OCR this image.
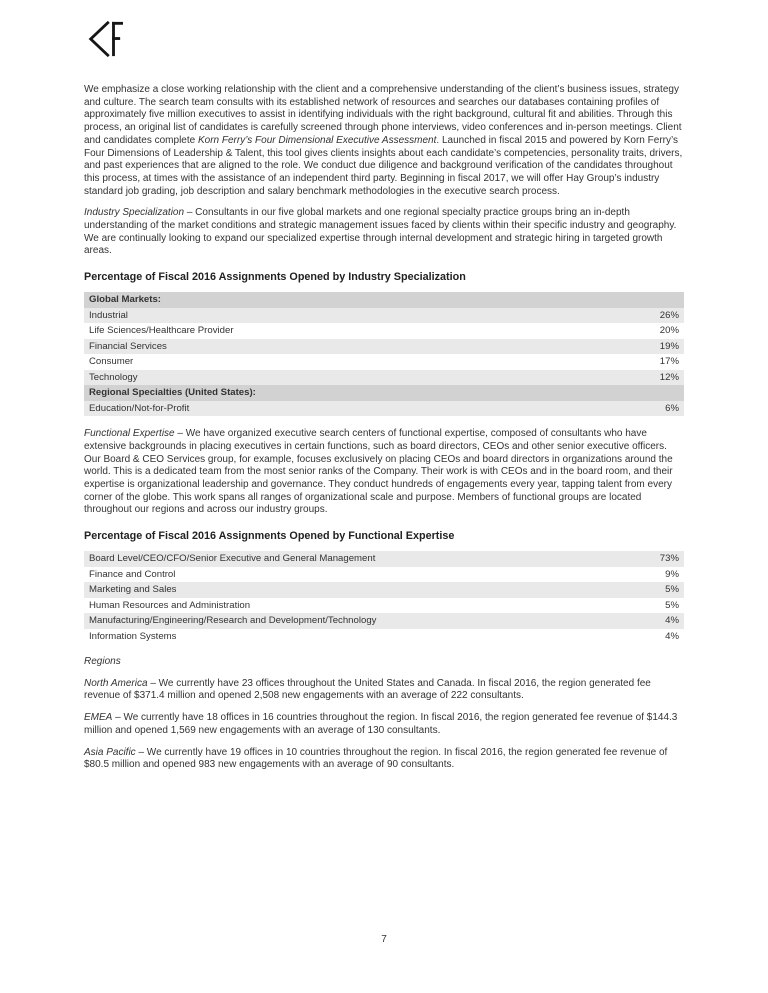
We emphasize a close working relationship with the client and a comprehensive understanding of the client’s business issues, strategy and culture. The search team consults with its established network of resources and searches our databases containing profiles of approximately five million executives to assist in identifying individuals with the right background, cultural fit and abilities. Through this process, an original list of candidates is carefully screened through phone interviews, video conferences and in-person meetings. Client and candidates complete Korn Ferry’s Four Dimensional Executive Assessment. Launched in fiscal 2015 and powered by Korn Ferry’s Four Dimensions of Leadership & Talent, this tool gives clients insights about each candidate’s competencies, personality traits, drivers, and past experiences that are aligned to the role. We conduct due diligence and background verification of the candidates throughout this process, at times with the assistance of an independent third party. Beginning in fiscal 2017, we will offer Hay Group’s industry standard job grading, job description and salary benchmark methodologies in the executive search process.

Industry Specialization – Consultants in our five global markets and one regional specialty practice groups bring an in-depth understanding of the market conditions and strategic management issues faced by clients within their specific industry and geography. We are continually looking to expand our specialized expertise through internal development and strategic hiring in targeted growth areas.

Percentage of Fiscal 2016 Assignments Opened by Industry Specialization
Global Markets:
Industrial	26%
Life Sciences/Healthcare Provider	20%
Financial Services	19%
Consumer	17%
Technology	12%
Regional Specialties (United States):
Education/Not-for-Profit	6%

Functional Expertise – We have organized executive search centers of functional expertise, composed of consultants who have extensive backgrounds in placing executives in certain functions, such as board directors, CEOs and other senior executive officers. Our Board & CEO Services group, for example, focuses exclusively on placing CEOs and board directors in organizations around the world. This is a dedicated team from the most senior ranks of the Company. Their work is with CEOs and in the board room, and their expertise is organizational leadership and governance. They conduct hundreds of engagements every year, tapping talent from every corner of the globe. This work spans all ranges of organizational scale and purpose. Members of functional groups are located throughout our regions and across our industry groups.

Percentage of Fiscal 2016 Assignments Opened by Functional Expertise
Board Level/CEO/CFO/Senior Executive and General Management	73%
Finance and Control	9%
Marketing and Sales	5%
Human Resources and Administration	5%
Manufacturing/Engineering/Research and Development/Technology	4%
Information Systems	4%

Regions

North America – We currently have 23 offices throughout the United States and Canada. In fiscal 2016, the region generated fee revenue of $371.4 million and opened 2,508 new engagements with an average of 222 consultants.

EMEA – We currently have 18 offices in 16 countries throughout the region. In fiscal 2016, the region generated fee revenue of $144.3 million and opened 1,569 new engagements with an average of 130 consultants.

Asia Pacific – We currently have 19 offices in 10 countries throughout the region. In fiscal 2016, the region generated fee revenue of $80.5 million and opened 983 new engagements with an average of 90 consultants.

7
